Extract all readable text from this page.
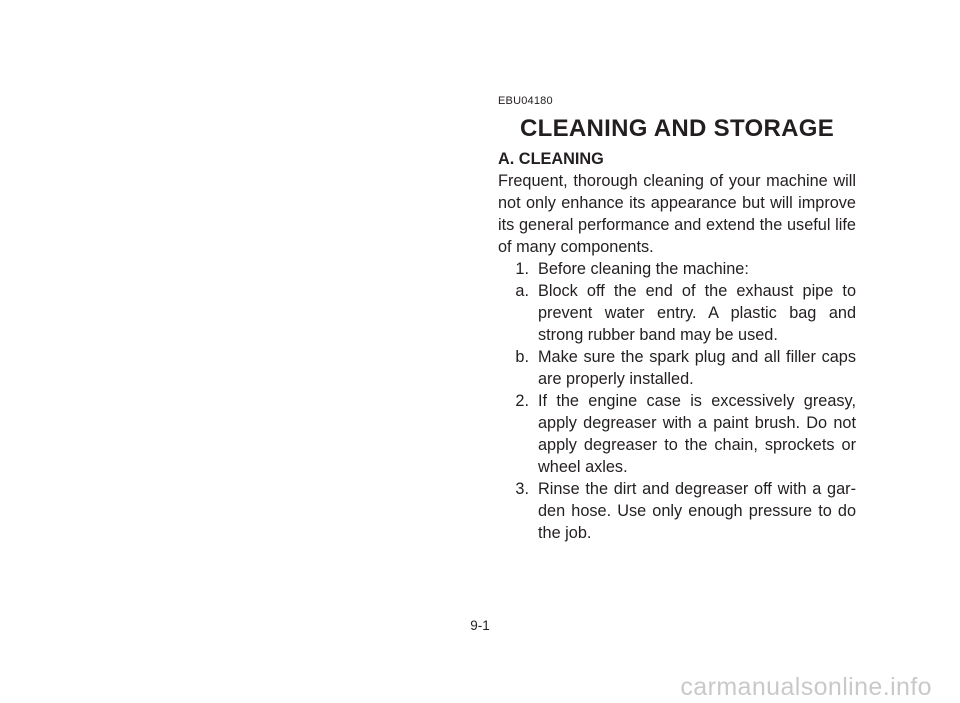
EBU04180
CLEANING AND STORAGE

A. CLEANING

Frequent, thorough cleaning of your machine will not only enhance its appearance but will improve its general performance and extend the useful life of many components.

1. Before cleaning the machine:
a. Block off the end of the exhaust pipe to prevent water entry. A plastic bag and strong rubber band may be used.
b. Make sure the spark plug and all filler caps are properly installed.
2. If the engine case is excessively greasy, apply degreaser with a paint brush. Do not apply degreaser to the chain, sprockets or wheel axles.
3. Rinse the dirt and degreaser off with a gar-den hose. Use only enough pressure to do the job.
9-1
carmanualsonline.info
